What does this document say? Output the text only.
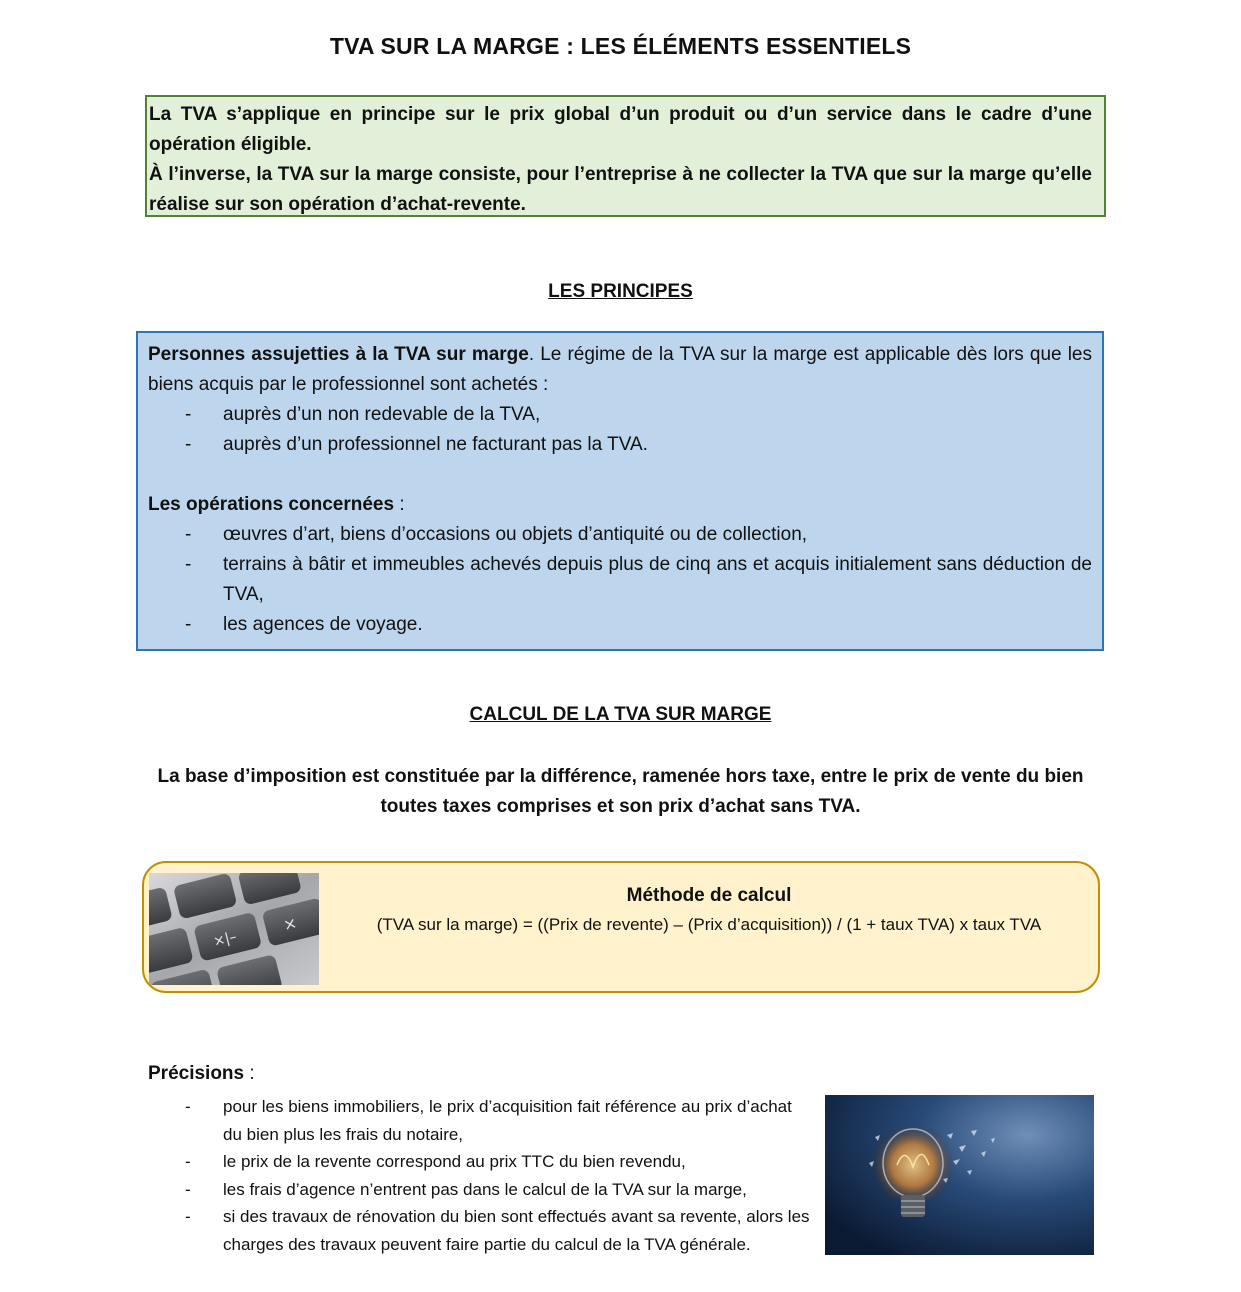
TVA SUR LA MARGE : LES ÉLÉMENTS ESSENTIELS

La TVA s’applique en principe sur le prix global d’un produit ou d’un service dans le cadre d’une opération éligible.

À l’inverse, la TVA sur la marge consiste, pour l’entreprise à ne collecter la TVA que sur la marge qu’elle réalise sur son opération d’achat-revente.

LES PRINCIPES

Personnes assujetties à la TVA sur marge. Le régime de la TVA sur la marge est applicable dès lors que les biens acquis par le professionnel sont achetés :

- auprès d’un non redevable de la TVA,
- auprès d’un professionnel ne facturant pas la TVA.

Les opérations concernées :

- œuvres d’art, biens d’occasions ou objets d’antiquité ou de collection,
- terrains à bâtir et immeubles achevés depuis plus de cinq ans et acquis initialement sans déduction de TVA,
- les agences de voyage.
CALCUL DE LA TVA SUR MARGE
La base d’imposition est constituée par la différence, ramenée hors taxe, entre le prix de vente du bien toutes taxes comprises et son prix d’achat sans TVA.
×|–
×
Méthode de calcul
(TVA sur la marge) = ((Prix de revente) – (Prix d’acquisition)) / (1 + taux TVA) x taux TVA
Précisions :
- pour les biens immobiliers, le prix d’acquisition fait référence au prix d’achat du bien plus les frais du notaire,
- le prix de la revente correspond au prix TTC du bien revendu,
- les frais d’agence n’entrent pas dans le calcul de la TVA sur la marge,
- si des travaux de rénovation du bien sont effectués avant sa revente, alors les charges des travaux peuvent faire partie du calcul de la TVA générale.
